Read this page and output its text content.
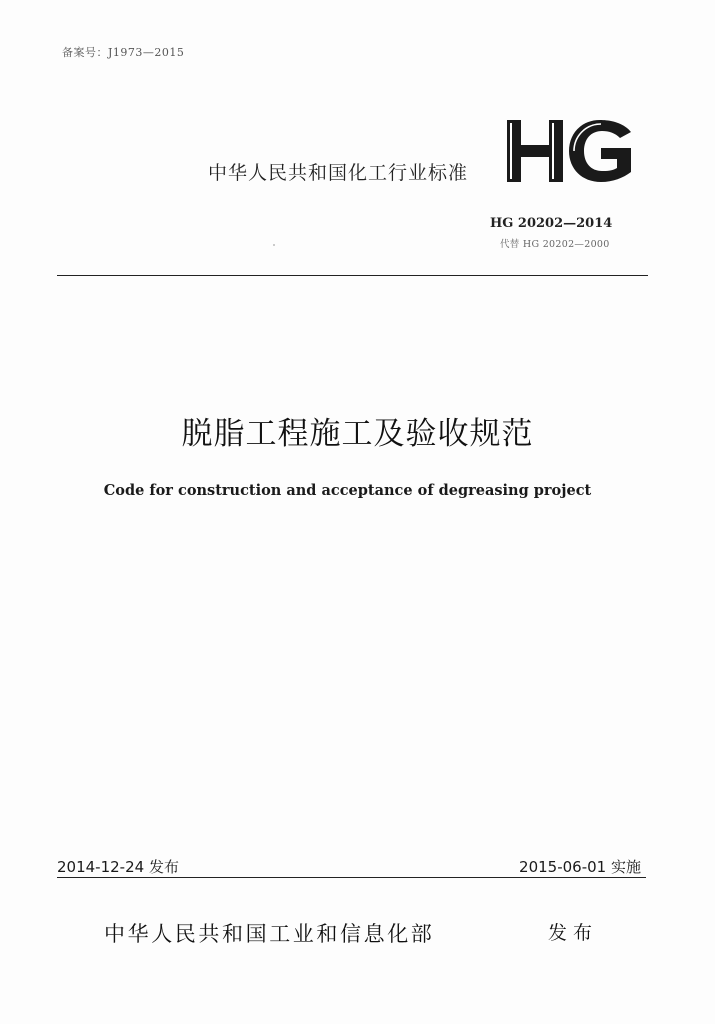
备案号：J1973—2015
中华人民共和国化工行业标准
HG 20202—2014
代替 HG 20202—2000
脱脂工程施工及验收规范
Code for construction and acceptance of degreasing project
2014-12-24 发布	2015-06-01 实施
中华人民共和国工业和信息化部	发布
